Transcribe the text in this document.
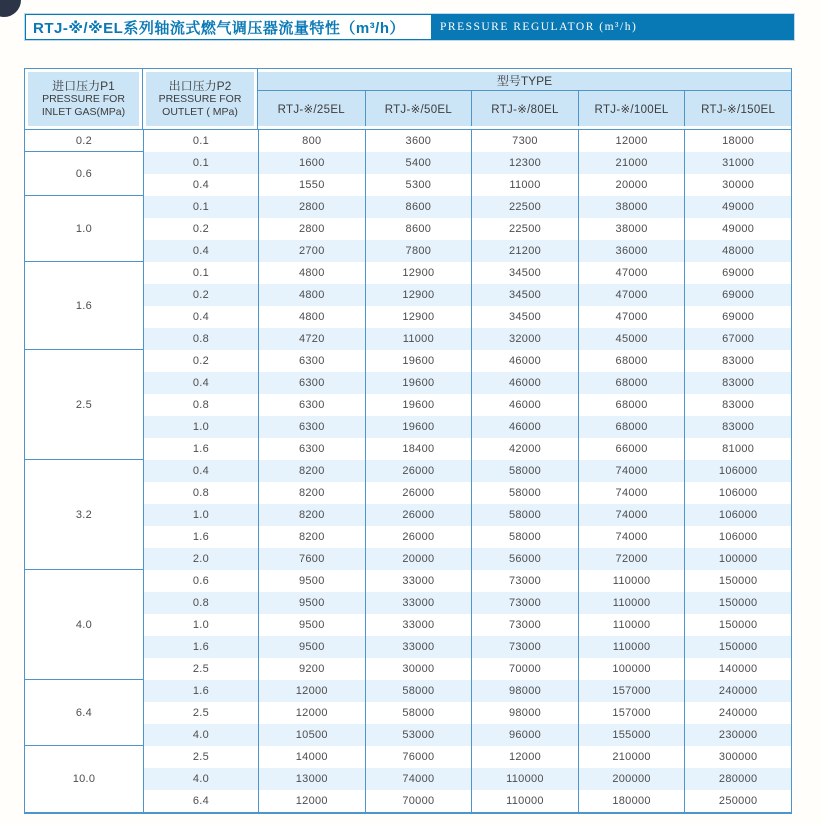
RTJ-※/※EL系列轴流式燃气调压器流量特性（m³/h）	PRESSURE REGULATOR (m³/h)
进口压力P1
PRESSURE FOR
INLET GAS(MPa)
出口压力P2
PRESSURE FOR
OUTLET ( MPa)
型号TYPE
RTJ-※/25EL	RTJ-※/50EL	RTJ-※/80EL	RTJ-※/100EL	RTJ-※/150EL
0.2	0.1	800	3600	7300	12000	18000
0.6
0.1	1600	5400	12300	21000	31000
0.4	1550	5300	11000	20000	30000
1.0
0.1	2800	8600	22500	38000	49000
0.2	2800	8600	22500	38000	49000
0.4	2700	7800	21200	36000	48000
1.6
0.1	4800	12900	34500	47000	69000
0.2	4800	12900	34500	47000	69000
0.4	4800	12900	34500	47000	69000
0.8	4720	11000	32000	45000	67000
2.5
0.2	6300	19600	46000	68000	83000
0.4	6300	19600	46000	68000	83000
0.8	6300	19600	46000	68000	83000
1.0	6300	19600	46000	68000	83000
1.6	6300	18400	42000	66000	81000
3.2
0.4	8200	26000	58000	74000	106000
0.8	8200	26000	58000	74000	106000
1.0	8200	26000	58000	74000	106000
1.6	8200	26000	58000	74000	106000
2.0	7600	20000	56000	72000	100000
4.0
0.6	9500	33000	73000	110000	150000
0.8	9500	33000	73000	110000	150000
1.0	9500	33000	73000	110000	150000
1.6	9500	33000	73000	110000	150000
2.5	9200	30000	70000	100000	140000
6.4
1.6	12000	58000	98000	157000	240000
2.5	12000	58000	98000	157000	240000
4.0	10500	53000	96000	155000	230000
10.0
2.5	14000	76000	12000	210000	300000
4.0	13000	74000	110000	200000	280000
6.4	12000	70000	110000	180000	250000
